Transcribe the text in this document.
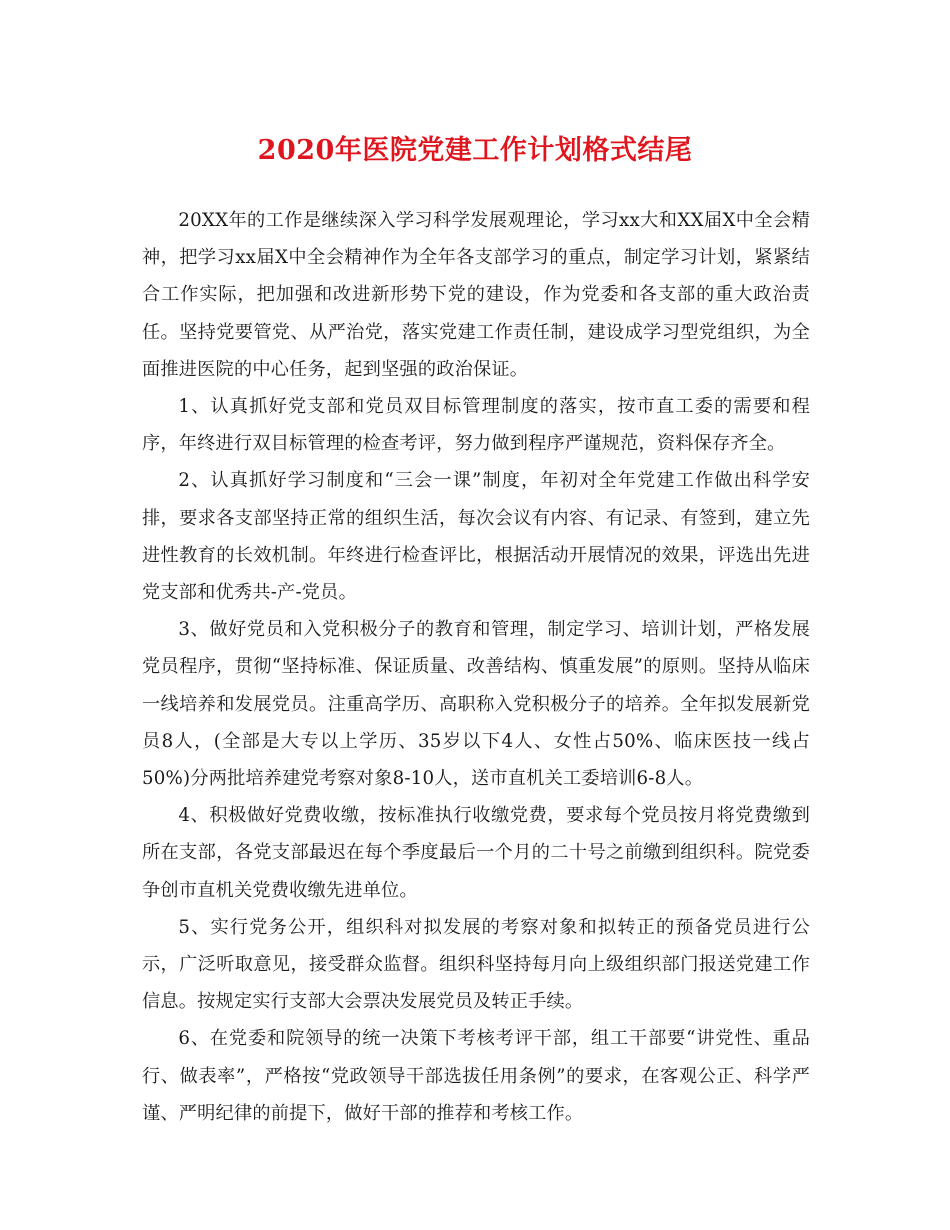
2020年医院党建工作计划格式结尾

20XX年的工作是继续深入学习科学发展观理论，学习xx大和XX届X中全会精神，把学习xx届X中全会精神作为全年各支部学习的重点，制定学习计划，紧紧结合工作实际，把加强和改进新形势下党的建设，作为党委和各支部的重大政治责任。坚持党要管党、从严治党，落实党建工作责任制，建设成学习型党组织，为全面推进医院的中心任务，起到坚强的政治保证。

1、认真抓好党支部和党员双目标管理制度的落实，按市直工委的需要和程序，年终进行双目标管理的检查考评，努力做到程序严谨规范，资料保存齐全。

2、认真抓好学习制度和“三会一课”制度，年初对全年党建工作做出科学安排，要求各支部坚持正常的组织生活，每次会议有内容、有记录、有签到，建立先进性教育的长效机制。年终进行检查评比，根据活动开展情况的效果，评选出先进党支部和优秀共-产-党员。

3、做好党员和入党积极分子的教育和管理，制定学习、培训计划，严格发展党员程序，贯彻“坚持标准、保证质量、改善结构、慎重发展”的原则。坚持从临床一线培养和发展党员。注重高学历、高职称入党积极分子的培养。全年拟发展新党员8人，(全部是大专以上学历、35岁以下4人、女性占50%、临床医技一线占50%)分两批培养建党考察对象8-10人，送市直机关工委培训6-8人。

4、积极做好党费收缴，按标准执行收缴党费，要求每个党员按月将党费缴到所在支部，各党支部最迟在每个季度最后一个月的二十号之前缴到组织科。院党委争创市直机关党费收缴先进单位。

5、实行党务公开，组织科对拟发展的考察对象和拟转正的预备党员进行公示，广泛听取意见，接受群众监督。组织科坚持每月向上级组织部门报送党建工作信息。按规定实行支部大会票决发展党员及转正手续。

6、在党委和院领导的统一决策下考核考评干部，组工干部要“讲党性、重品行、做表率”，严格按“党政领导干部选拔任用条例”的要求，在客观公正、科学严谨、严明纪律的前提下，做好干部的推荐和考核工作。
